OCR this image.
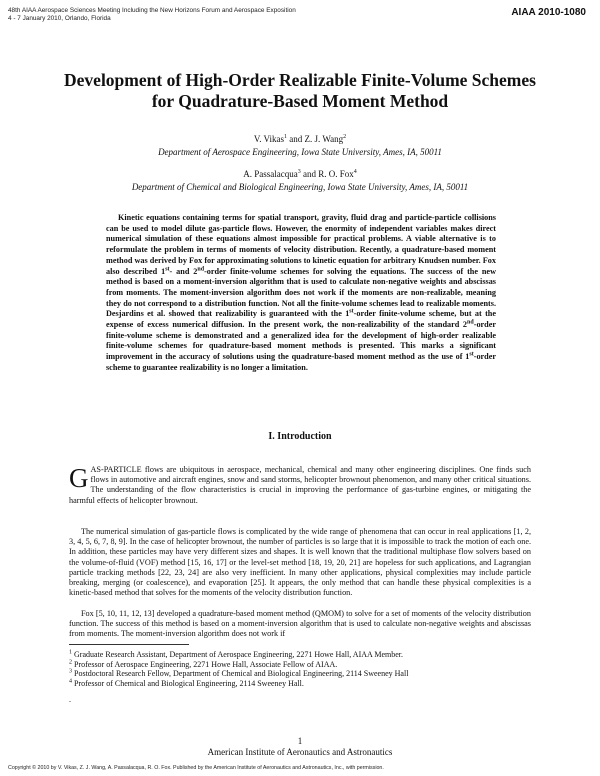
48th AIAA Aerospace Sciences Meeting Including the New Horizons Forum and Aerospace Exposition
4 - 7 January 2010, Orlando, Florida
AIAA 2010-1080
Development of High-Order Realizable Finite-Volume Schemes for Quadrature-Based Moment Method
V. Vikas$^1$ and Z. J. Wang$^2$
Department of Aerospace Engineering, Iowa State University, Ames, IA, 50011
A. Passalacqua$^3$ and R. O. Fox$^4$
Department of Chemical and Biological Engineering, Iowa State University, Ames, IA, 50011
Kinetic equations containing terms for spatial transport, gravity, fluid drag and particle-particle collisions can be used to model dilute gas-particle flows. However, the enormity of independent variables makes direct numerical simulation of these equations almost impossible for practical problems. A viable alternative is to reformulate the problem in terms of moments of velocity distribution. Recently, a quadrature-based moment method was derived by Fox for approximating solutions to kinetic equation for arbitrary Knudsen number. Fox also described 1st- and 2nd-order finite-volume schemes for solving the equations. The success of the new method is based on a moment-inversion algorithm that is used to calculate non-negative weights and abscissas from moments. The moment-inversion algorithm does not work if the moments are non-realizable, meaning they do not correspond to a distribution function. Not all the finite-volume schemes lead to realizable moments. Desjardins et al. showed that realizability is guaranteed with the 1st-order finite-volume scheme, but at the expense of excess numerical diffusion. In the present work, the non-realizability of the standard 2nd-order finite-volume scheme is demonstrated and a generalized idea for the development of high-order realizable finite-volume schemes for quadrature-based moment methods is presented. This marks a significant improvement in the accuracy of solutions using the quadrature-based moment method as the use of 1st-order scheme to guarantee realizability is no longer a limitation.
I. Introduction
GAS-PARTICLE flows are ubiquitous in aerospace, mechanical, chemical and many other engineering disciplines. One finds such flows in automotive and aircraft engines, snow and sand storms, helicopter brownout phenomenon, and many other critical situations. The understanding of the flow characteristics is crucial in improving the performance of gas-turbine engines, or mitigating the harmful effects of helicopter brownout.
The numerical simulation of gas-particle flows is complicated by the wide range of phenomena that can occur in real applications [1, 2, 3, 4, 5, 6, 7, 8, 9]. In the case of helicopter brownout, the number of particles is so large that it is impossible to track the motion of each one. In addition, these particles may have very different sizes and shapes. It is well known that the traditional multiphase flow solvers based on the volume-of-fluid (VOF) method [15, 16, 17] or the level-set method [18, 19, 20, 21] are hopeless for such applications, and Lagrangian particle tracking methods [22, 23, 24] are also very inefficient. In many other applications, physical complexities may include particle breaking, merging (or coalescence), and evaporation [25]. It appears, the only method that can handle these physical complexities is a kinetic-based method that solves for the moments of the velocity distribution function.
Fox [5, 10, 11, 12, 13] developed a quadrature-based moment method (QMOM) to solve for a set of moments of the velocity distribution function. The success of this method is based on a moment-inversion algorithm that is used to calculate non-negative weights and abscissas from moments. The moment-inversion algorithm does not work if
$^1$ Graduate Research Assistant, Department of Aerospace Engineering, 2271 Howe Hall, AIAA Member.
$^2$ Professor of Aerospace Engineering, 2271 Howe Hall, Associate Fellow of AIAA.
$^3$ Postdoctoral Research Fellow, Department of Chemical and Biological Engineering, 2114 Sweeney Hall
$^4$ Professor of Chemical and Biological Engineering, 2114 Sweeney Hall.
.
1
American Institute of Aeronautics and Astronautics
Copyright © 2010 by V. Vikas, Z. J. Wang, A. Passalacqua, R. O. Fox. Published by the American Institute of Aeronautics and Astronautics, Inc., with permission.
